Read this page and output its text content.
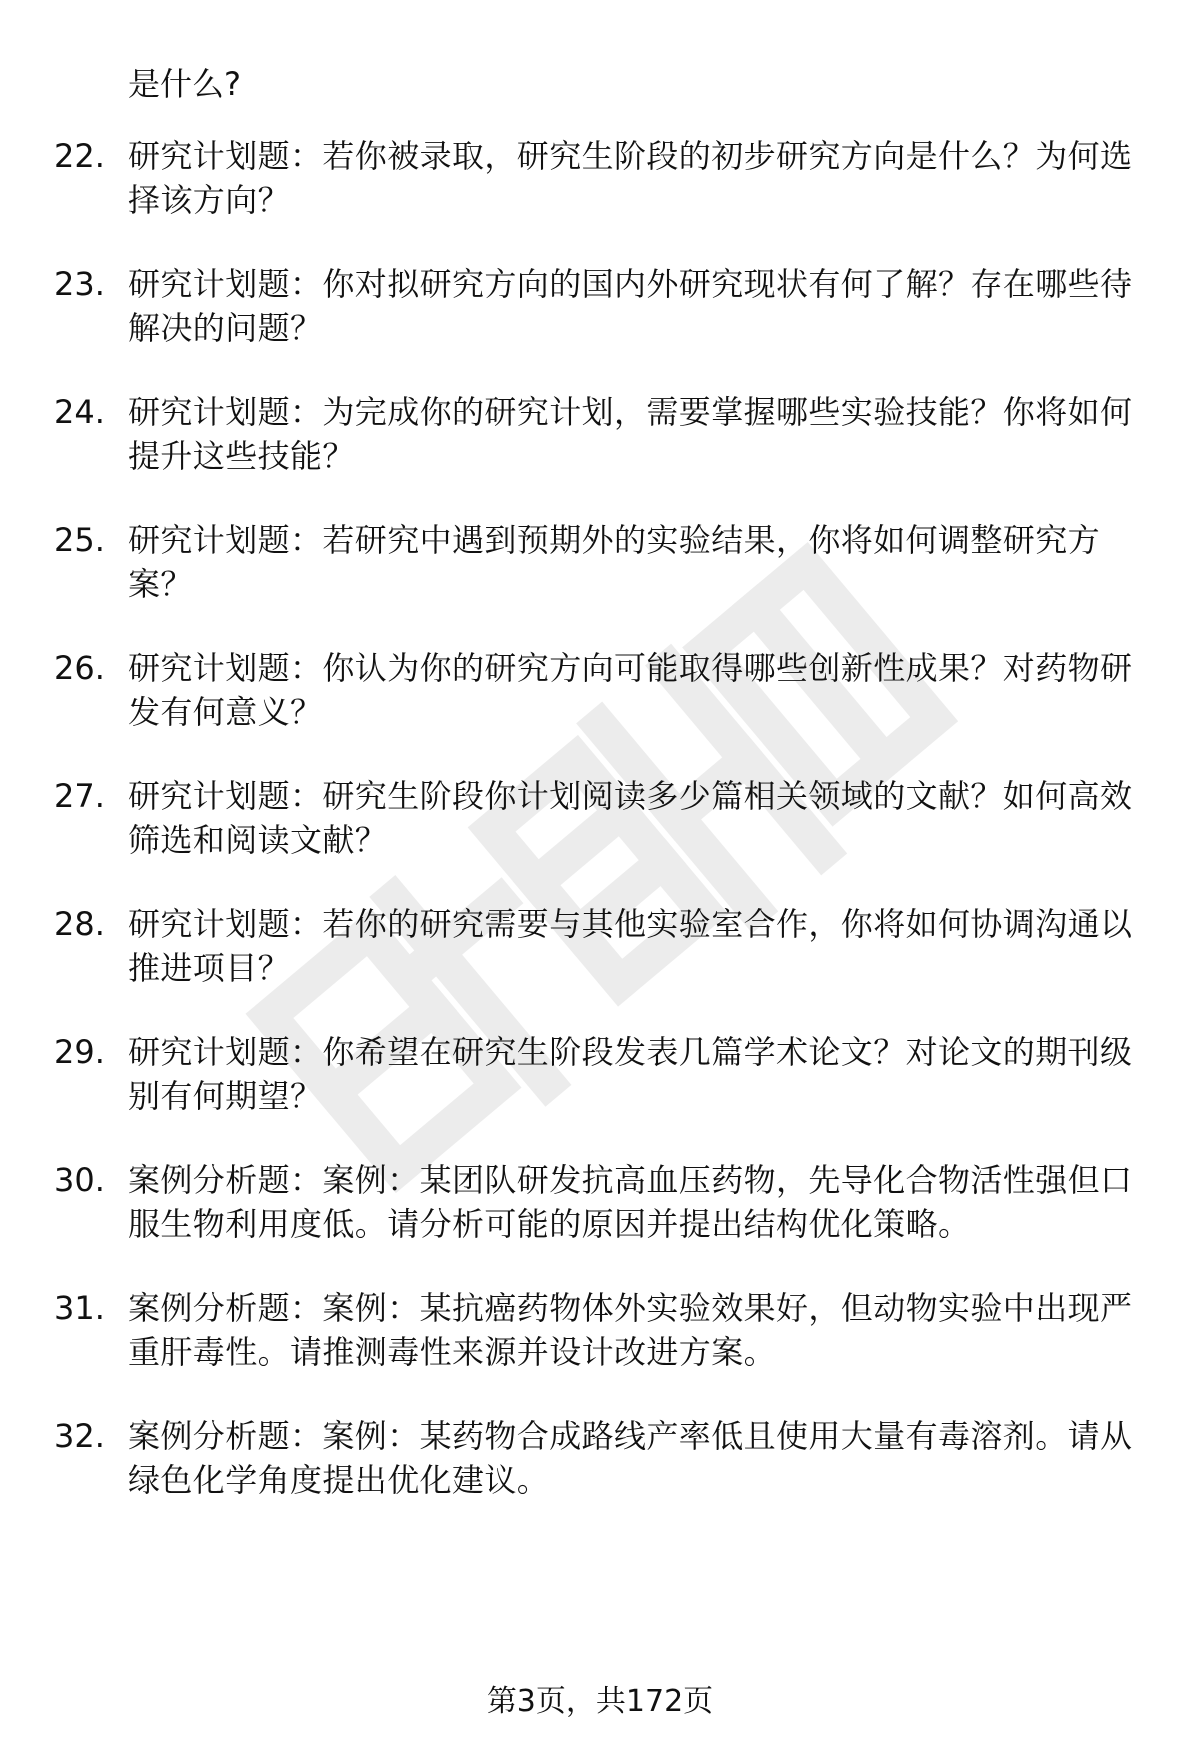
是什么?
22. 研究计划题：若你被录取，研究生阶段的初步研究方向是什么？为何选择该方向？
23. 研究计划题：你对拟研究方向的国内外研究现状有何了解？存在哪些待解决的问题？
24. 研究计划题：为完成你的研究计划，需要掌握哪些实验技能？你将如何提升这些技能？
25. 研究计划题：若研究中遇到预期外的实验结果，你将如何调整研究方案？
26. 研究计划题：你认为你的研究方向可能取得哪些创新性成果？对药物研发有何意义？
27. 研究计划题：研究生阶段你计划阅读多少篇相关领域的文献？如何高效筛选和阅读文献？
28. 研究计划题：若你的研究需要与其他实验室合作，你将如何协调沟通以推进项目？
29. 研究计划题：你希望在研究生阶段发表几篇学术论文？对论文的期刊级别有何期望？
30. 案例分析题：案例：某团队研发抗高血压药物，先导化合物活性强但口服生物利用度低。请分析可能的原因并提出结构优化策略。
31. 案例分析题：案例：某抗癌药物体外实验效果好，但动物实验中出现严重肝毒性。请推测毒性来源并设计改进方案。
32. 案例分析题：案例：某药物合成路线产率低且使用大量有毒溶剂。请从绿色化学角度提出优化建议。
第3页，共172页
